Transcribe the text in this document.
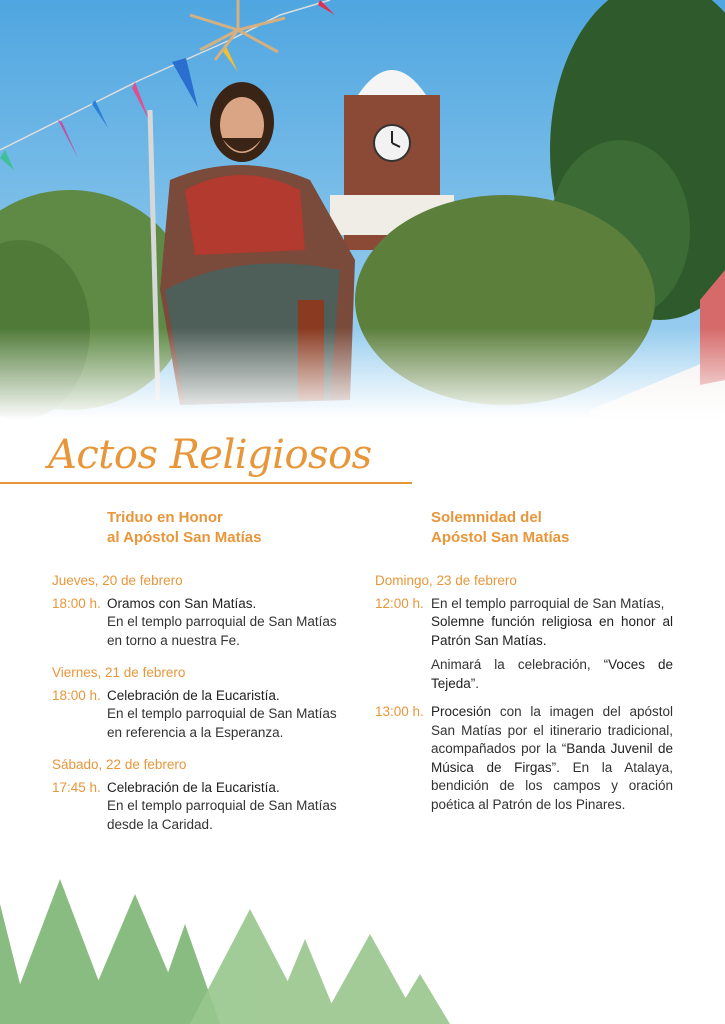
Actos Religiosos
Triduo en Honor
al Apóstol San Matías
Jueves, 20 de febrero
18:00 h. Oramos con San Matías.
En el templo parroquial de San Matías
en torno a nuestra Fe.
Viernes, 21 de febrero
18:00 h. Celebración de la Eucaristía.
En el templo parroquial de San Matías
en referencia a la Esperanza.
Sábado, 22 de febrero
17:45 h. Celebración de la Eucaristía.
En el templo parroquial de San Matías
desde la Caridad.
Solemnidad del
Apóstol San Matías
Domingo, 23 de febrero
12:00 h. En el templo parroquial de San Matías,
Solemne función religiosa en honor al Patrón San Matías.
Animará la celebración, “Voces de Tejeda”.
13:00 h. Procesión con la imagen del apóstol San Matías por el itinerario tradicional, acompañados por la “Banda Juvenil de Música de Firgas”. En la Atalaya, bendición de los campos y oración poética al Patrón de los Pinares.
